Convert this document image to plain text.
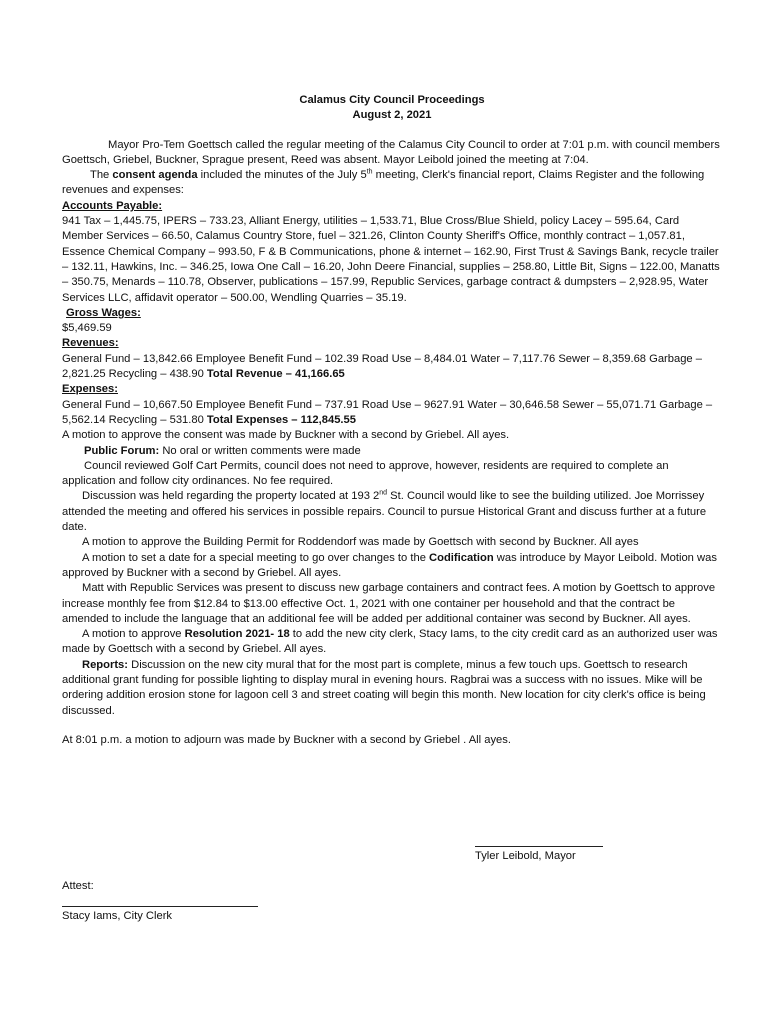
Calamus City Council Proceedings

August 2, 2021

Mayor Pro-Tem Goettsch called the regular meeting of the Calamus City Council to order at 7:01 p.m. with council members Goettsch, Griebel, Buckner, Sprague present, Reed was absent. Mayor Leibold joined the meeting at 7:04.

The consent agenda included the minutes of the July 5th meeting, Clerk's financial report, Claims Register and the following revenues and expenses:

Accounts Payable:

941 Tax – 1,445.75, IPERS – 733.23, Alliant Energy, utilities – 1,533.71, Blue Cross/Blue Shield, policy Lacey – 595.64, Card Member Services – 66.50, Calamus Country Store, fuel – 321.26, Clinton County Sheriff's Office, monthly contract – 1,057.81, Essence Chemical Company – 993.50, F & B Communications, phone & internet – 162.90, First Trust & Savings Bank, recycle trailer – 132.11, Hawkins, Inc. – 346.25, Iowa One Call – 16.20, John Deere Financial, supplies – 258.80, Little Bit, Signs – 122.00, Manatts – 350.75, Menards – 110.78, Observer, publications – 157.99, Republic Services, garbage contract & dumpsters – 2,928.95, Water Services LLC, affidavit operator – 500.00, Wendling Quarries – 35.19.

Gross Wages:

$5,469.59

Revenues:

General Fund – 13,842.66 Employee Benefit Fund – 102.39 Road Use – 8,484.01 Water – 7,117.76 Sewer – 8,359.68 Garbage – 2,821.25 Recycling – 438.90 Total Revenue – 41,166.65

Expenses:

General Fund – 10,667.50 Employee Benefit Fund – 737.91 Road Use – 9627.91 Water – 30,646.58 Sewer – 55,071.71 Garbage – 5,562.14 Recycling – 531.80 Total Expenses – 112,845.55

A motion to approve the consent was made by Buckner with a second by Griebel. All ayes.

Public Forum: No oral or written comments were made

Council reviewed Golf Cart Permits, council does not need to approve, however, residents are required to complete an application and follow city ordinances. No fee required.

Discussion was held regarding the property located at 193 2nd St. Council would like to see the building utilized. Joe Morrissey attended the meeting and offered his services in possible repairs. Council to pursue Historical Grant and discuss further at a future date.

A motion to approve the Building Permit for Roddendorf was made by Goettsch with second by Buckner. All ayes

A motion to set a date for a special meeting to go over changes to the Codification was introduce by Mayor Leibold. Motion was approved by Buckner with a second by Griebel. All ayes.

Matt with Republic Services was present to discuss new garbage containers and contract fees. A motion by Goettsch to approve increase monthly fee from $12.84 to $13.00 effective Oct. 1, 2021 with one container per household and that the contract be amended to include the language that an additional fee will be added per additional container was second by Buckner. All ayes.

A motion to approve Resolution 2021- 18 to add the new city clerk, Stacy Iams, to the city credit card as an authorized user was made by Goettsch with a second by Griebel. All ayes.

Reports: Discussion on the new city mural that for the most part is complete, minus a few touch ups. Goettsch to research additional grant funding for possible lighting to display mural in evening hours. Ragbrai was a success with no issues. Mike will be ordering addition erosion stone for lagoon cell 3 and street coating will begin this month. New location for city clerk's office is being discussed.

At 8:01 p.m. a motion to adjourn was made by Buckner with a second by Griebel . All ayes.

Tyler Leibold, Mayor
Attest:
Stacy Iams, City Clerk
